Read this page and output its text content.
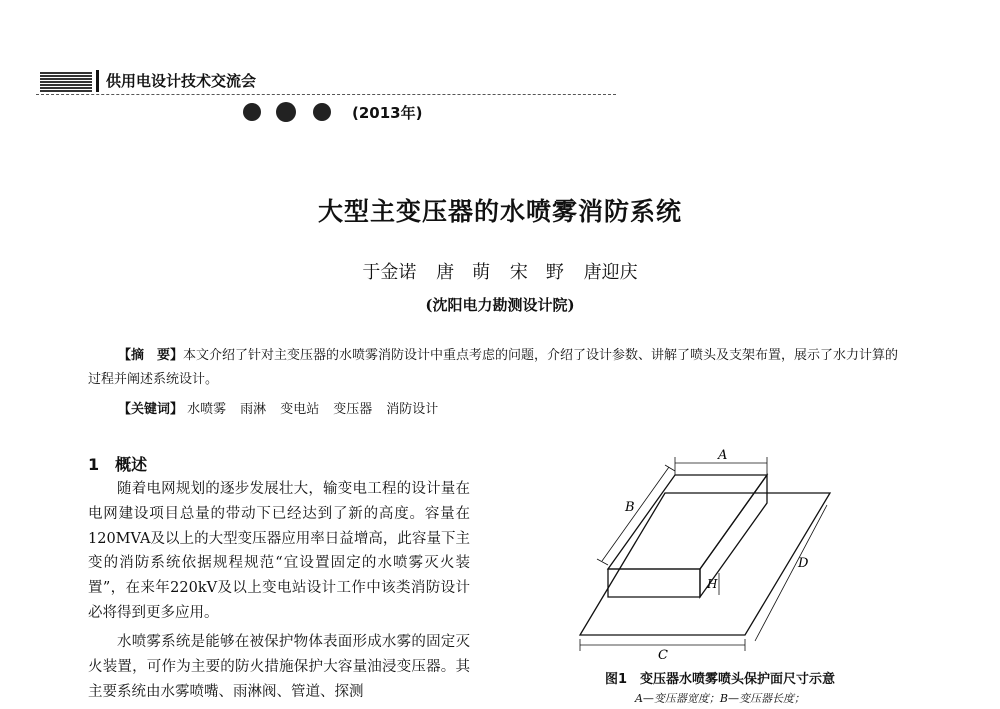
供用电设计技术交流会
(2013年)
大型主变压器的水喷雾消防系统
于金诺 唐　萌 宋　野 唐迎庆
(沈阳电力勘测设计院)
【摘　要】本文介绍了针对主变压器的水喷雾消防设计中重点考虑的问题，介绍了设计参数、讲解了喷头及支架布置，展示了水力计算的过程并阐述系统设计。
【关键词】 水喷雾 雨淋 变电站 变压器 消防设计
1　概述
随着电网规划的逐步发展壮大，输变电工程的设计量在电网建设项目总量的带动下已经达到了新的高度。容量在120MVA及以上的大型变压器应用率日益增高，此容量下主变的消防系统依据规程规范“宜设置固定的水喷雾灭火装置”，在来年220kV及以上变电站设计工作中该类消防设计必将得到更多应用。
水喷雾系统是能够在被保护物体表面形成水雾的固定灭火装置，可作为主要的防火措施保护大容量油浸变压器。其主要系统由水雾喷嘴、雨淋阀、管道、探测
A
B
H
D
C
图1　变压器水喷雾喷头保护面尺寸示意
A—变压器宽度；B—变压器长度；
